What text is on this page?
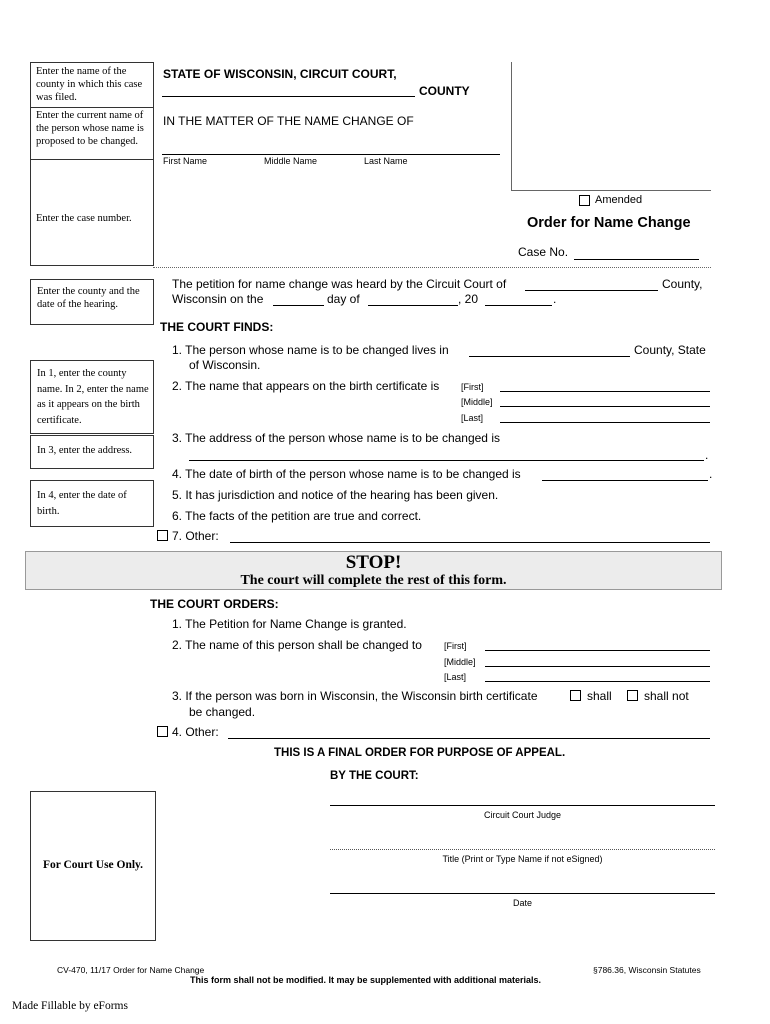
Enter the name of the county in which this case was filed.
Enter the current name of the person whose name is proposed to be changed.
Enter the case number.
STATE OF WISCONSIN, CIRCUIT COURT,
COUNTY
IN THE MATTER OF THE NAME CHANGE OF
First Name	Middle Name	Last Name
Amended
Order for Name Change
Case No.
Enter the county and the date of the hearing.
The petition for name change was heard by the Circuit Court of	County,
Wisconsin on the	day of	, 20	.
THE COURT FINDS:
In 1, enter the county name. In 2, enter the name as it appears on the birth certificate.
In 3, enter the address.
In 4, enter the date of birth.
1. The person whose name is to be changed lives in	County, State
of Wisconsin.
2. The name that appears on the birth certificate is [First]
[Middle]
[Last]
3. The address of the person whose name is to be changed is
.
4. The date of birth of the person whose name is to be changed is	.
5. It has jurisdiction and notice of the hearing has been given.
6. The facts of the petition are true and correct.
7. Other:
STOP!
The court will complete the rest of this form.
THE COURT ORDERS:
1. The Petition for Name Change is granted.
2. The name of this person shall be changed to [First]
[Middle]
[Last]
3. If the person was born in Wisconsin, the Wisconsin birth certificate	shall	shall not
be changed.
4. Other:
THIS IS A FINAL ORDER FOR PURPOSE OF APPEAL.
BY THE COURT:
For Court Use Only.
Circuit Court Judge
Title (Print or Type Name if not eSigned)
Date
CV-470, 11/17 Order for Name Change	§786.36, Wisconsin Statutes
This form shall not be modified. It may be supplemented with additional materials.
Made Fillable by eForms
